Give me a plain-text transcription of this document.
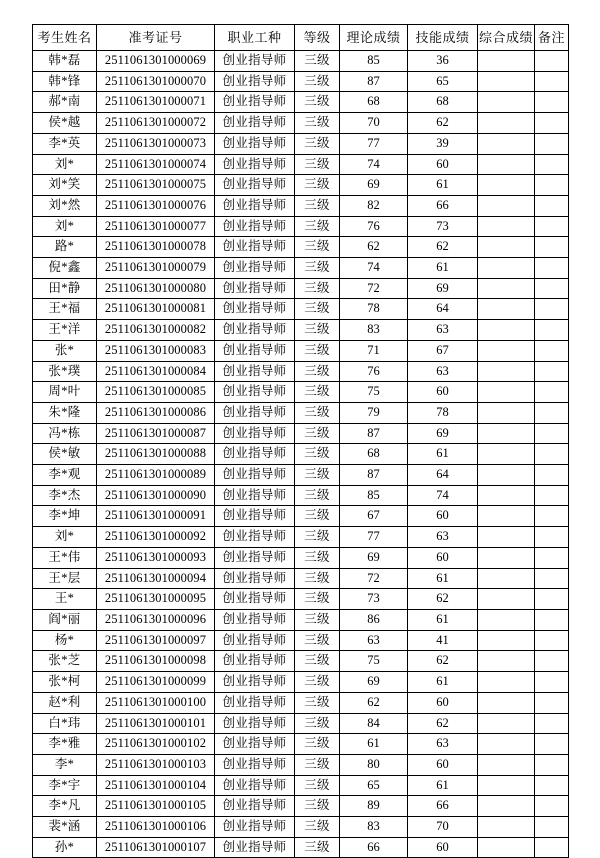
考生姓名	准考证号	职业工种	等级	理论成绩	技能成绩	综合成绩	备注
韩*磊	2511061301000069	创业指导师	三级	85	36		
韩*锋	2511061301000070	创业指导师	三级	87	65		
郝*南	2511061301000071	创业指导师	三级	68	68		
侯*越	2511061301000072	创业指导师	三级	70	62		
李*英	2511061301000073	创业指导师	三级	77	39		
刘*	2511061301000074	创业指导师	三级	74	60		
刘*笑	2511061301000075	创业指导师	三级	69	61		
刘*然	2511061301000076	创业指导师	三级	82	66		
刘*	2511061301000077	创业指导师	三级	76	73		
路*	2511061301000078	创业指导师	三级	62	62		
倪*鑫	2511061301000079	创业指导师	三级	74	61		
田*静	2511061301000080	创业指导师	三级	72	69		
王*福	2511061301000081	创业指导师	三级	78	64		
王*洋	2511061301000082	创业指导师	三级	83	63		
张*	2511061301000083	创业指导师	三级	71	67		
张*璞	2511061301000084	创业指导师	三级	76	63		
周*叶	2511061301000085	创业指导师	三级	75	60		
朱*隆	2511061301000086	创业指导师	三级	79	78		
冯*栋	2511061301000087	创业指导师	三级	87	69		
侯*敏	2511061301000088	创业指导师	三级	68	61		
李*观	2511061301000089	创业指导师	三级	87	64		
李*杰	2511061301000090	创业指导师	三级	85	74		
李*坤	2511061301000091	创业指导师	三级	67	60		
刘*	2511061301000092	创业指导师	三级	77	63		
王*伟	2511061301000093	创业指导师	三级	69	60		
王*层	2511061301000094	创业指导师	三级	72	61		
王*	2511061301000095	创业指导师	三级	73	62		
阎*丽	2511061301000096	创业指导师	三级	86	61		
杨*	2511061301000097	创业指导师	三级	63	41		
张*芝	2511061301000098	创业指导师	三级	75	62		
张*柯	2511061301000099	创业指导师	三级	69	61		
赵*利	2511061301000100	创业指导师	三级	62	60		
白*玮	2511061301000101	创业指导师	三级	84	62		
李*雅	2511061301000102	创业指导师	三级	61	63		
李*	2511061301000103	创业指导师	三级	80	60		
李*宇	2511061301000104	创业指导师	三级	65	61		
李*凡	2511061301000105	创业指导师	三级	89	66		
裴*涵	2511061301000106	创业指导师	三级	83	70		
孙*	2511061301000107	创业指导师	三级	66	60		
